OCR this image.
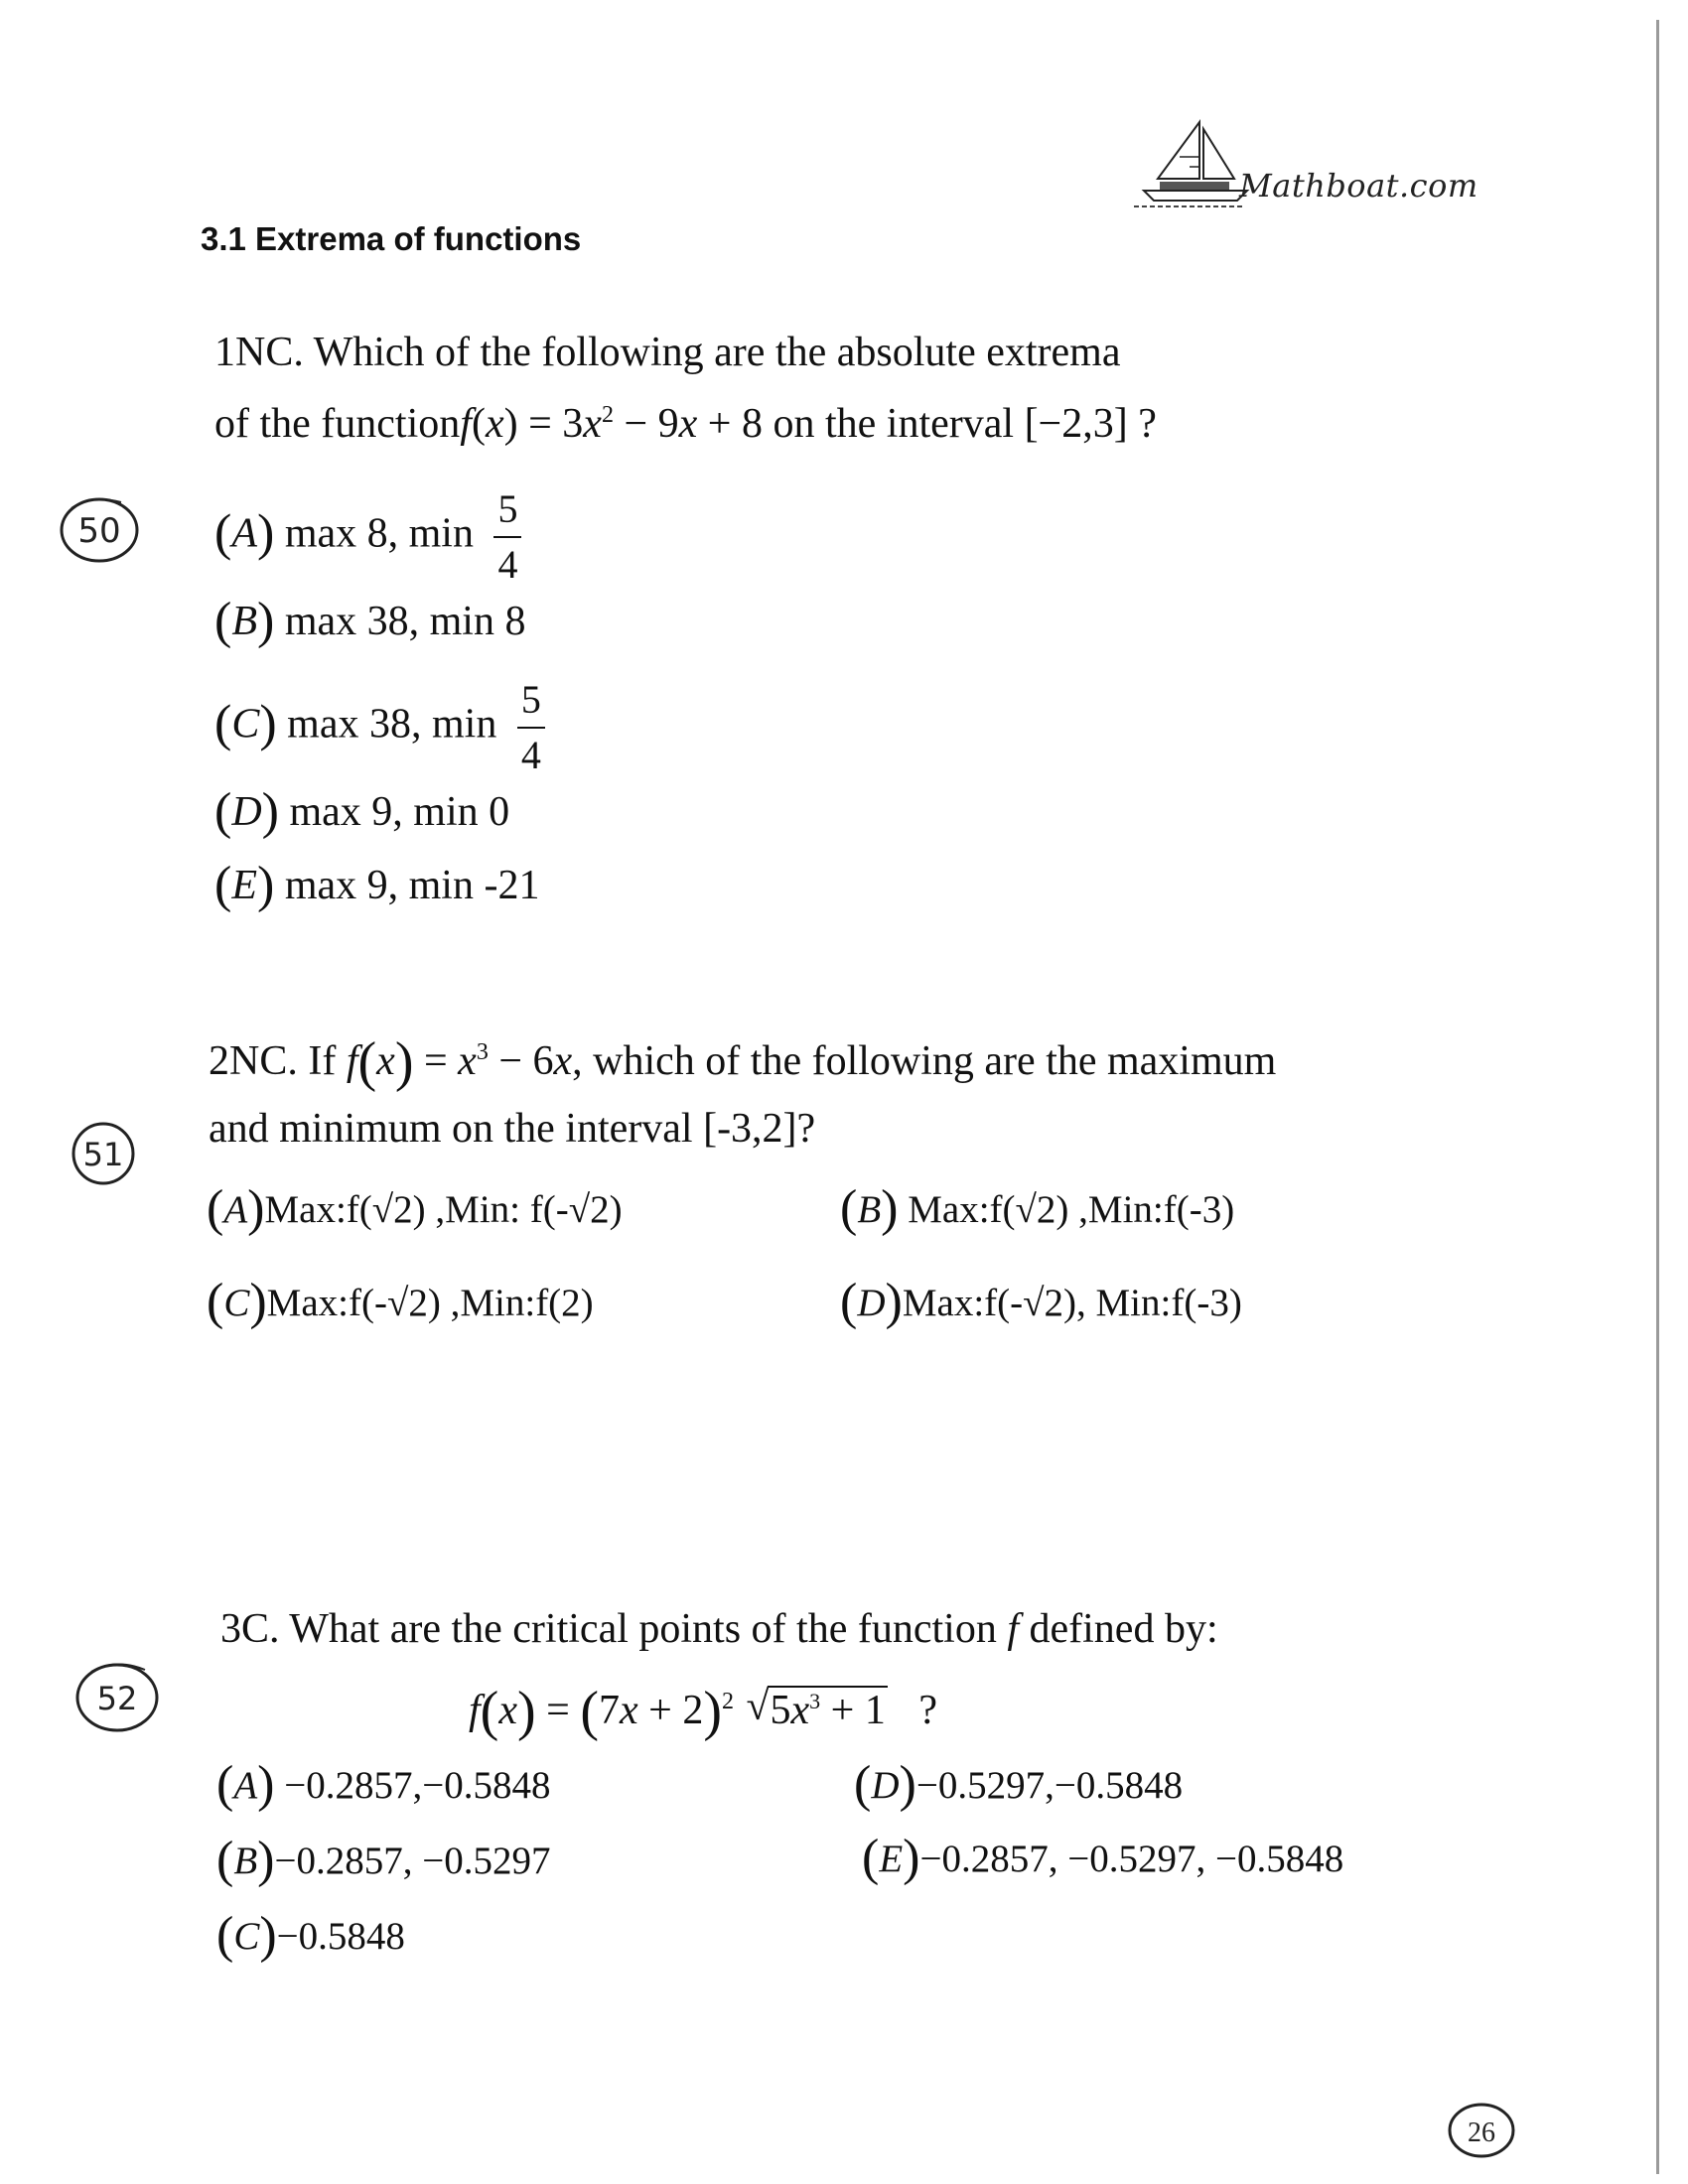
Mathboat.com
3.1 Extrema of functions
1NC. Which of the following are the absolute extrema
of the functionf(x) = $3x^2 - 9x + 8$ on the interval [−2,3] ?
50 (A) max 8, $\min \frac{5}{4}$
(B) max 38, min 8
(C) max 38, $\min \frac{5}{4}$
(D) max 9, min 0
(E) max 9, min -21
2NC. If $f(x) = x^3 - 6x$, which of the following are the maximum
and minimum on the interval [-3,2]?
51
(A)Max:f(√2) ,Min: f(-√2)	(B) Max:f(√2) ,Min:f(-3)
(C)Max:f(-√2) ,Min:f(2)	(D)Max:f(-√2), Min:f(-3)
3C. What are the critical points of the function f defined by:
$f(x) = (7x + 2)^2$ √ $5x^3 + 1$   ?
52
(A) −0.2857,−0.5848
(B)−0.2857, −0.5297
(C)−0.5848
(D)−0.5297,−0.5848
(E)−0.2857, −0.5297, −0.5848
26
